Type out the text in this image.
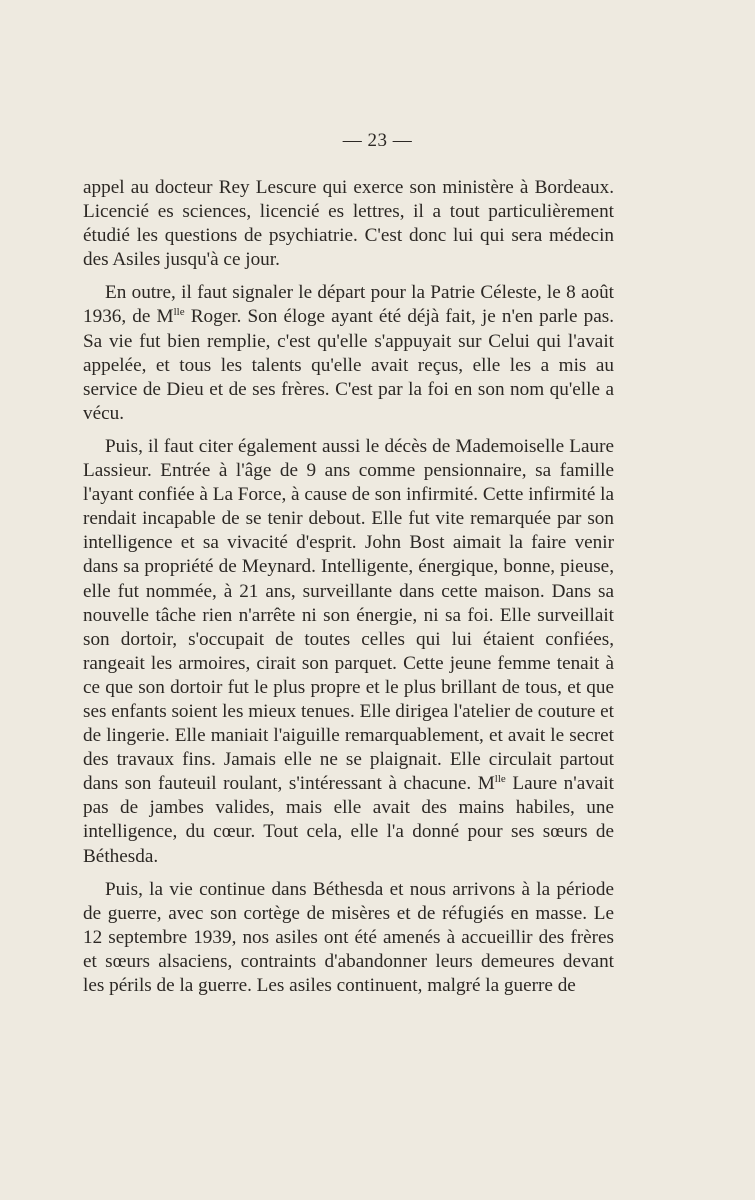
— 23 —

appel au docteur Rey Lescure qui exerce son ministère à Bordeaux. Licencié es sciences, licencié es lettres, il a tout particulièrement étudié les questions de psychiatrie. C'est donc lui qui sera médecin des Asiles jusqu'à ce jour.

En outre, il faut signaler le départ pour la Patrie Céleste, le 8 août 1936, de $M^{lle}$ Roger. Son éloge ayant été déjà fait, je n'en parle pas. Sa vie fut bien remplie, c'est qu'elle s'appuyait sur Celui qui l'avait appelée, et tous les talents qu'elle avait reçus, elle les a mis au service de Dieu et de ses frères. C'est par la foi en son nom qu'elle a vécu.

Puis, il faut citer également aussi le décès de Mademoiselle Laure Lassieur. Entrée à l'âge de 9 ans comme pensionnaire, sa famille l'ayant confiée à La Force, à cause de son infirmité. Cette infirmité la rendait incapable de se tenir debout. Elle fut vite remarquée par son intelligence et sa vivacité d'esprit. John Bost aimait la faire venir dans sa propriété de Meynard. Intelligente, énergique, bonne, pieuse, elle fut nommée, à 21 ans, surveillante dans cette maison. Dans sa nouvelle tâche rien n'arrête ni son énergie, ni sa foi. Elle surveillait son dortoir, s'occupait de toutes celles qui lui étaient confiées, rangeait les armoires, cirait son parquet. Cette jeune femme tenait à ce que son dortoir fut le plus propre et le plus brillant de tous, et que ses enfants soient les mieux tenues. Elle dirigea l'atelier de couture et de lingerie. Elle maniait l'aiguille remarquablement, et avait le secret des travaux fins. Jamais elle ne se plaignait. Elle circulait partout dans son fauteuil roulant, s'intéressant à chacune. $M^{lle}$ Laure n'avait pas de jambes valides, mais elle avait des mains habiles, une intelligence, du cœur. Tout cela, elle l'a donné pour ses sœurs de Béthesda.

Puis, la vie continue dans Béthesda et nous arrivons à la période de guerre, avec son cortège de misères et de réfugiés en masse. Le 12 septembre 1939, nos asiles ont été amenés à accueillir des frères et sœurs alsaciens, contraints d'abandonner leurs demeures devant les périls de la guerre. Les asiles continuent, malgré la guerre de
